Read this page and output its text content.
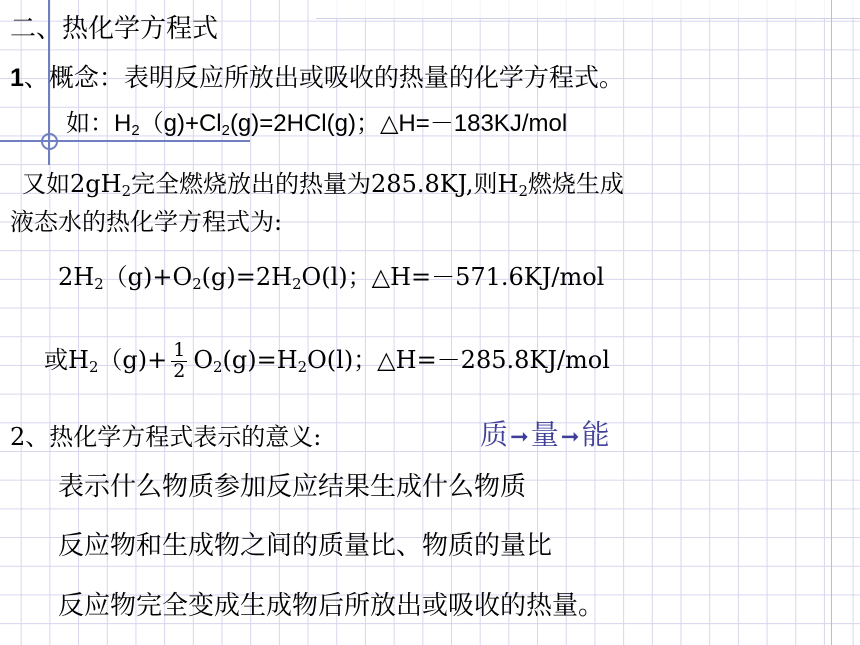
二、热化学方程式
1、概念：表明反应所放出或吸收的热量的化学方程式。
如：$H_2(g)+Cl_2(g)=2HCl(g)$；△H=－183KJ/mol
又如$2gH_2$完全燃烧放出的热量为285.8KJ,则$H_2$燃烧生成
液态水的热化学方程式为:
$2H_2(g)+O_2(g)=2H_2O(l)$；△H=－571.6KJ/mol
或$H_2(g)+ \frac{1}{2} O_2(g)=H_2O(l)$；△H=－285.8KJ/mol
2、热化学方程式表示的意义:	质➞量➞能
表示什么物质参加反应结果生成什么物质
反应物和生成物之间的质量比、物质的量比
反应物完全变成生成物后所放出或吸收的热量。
